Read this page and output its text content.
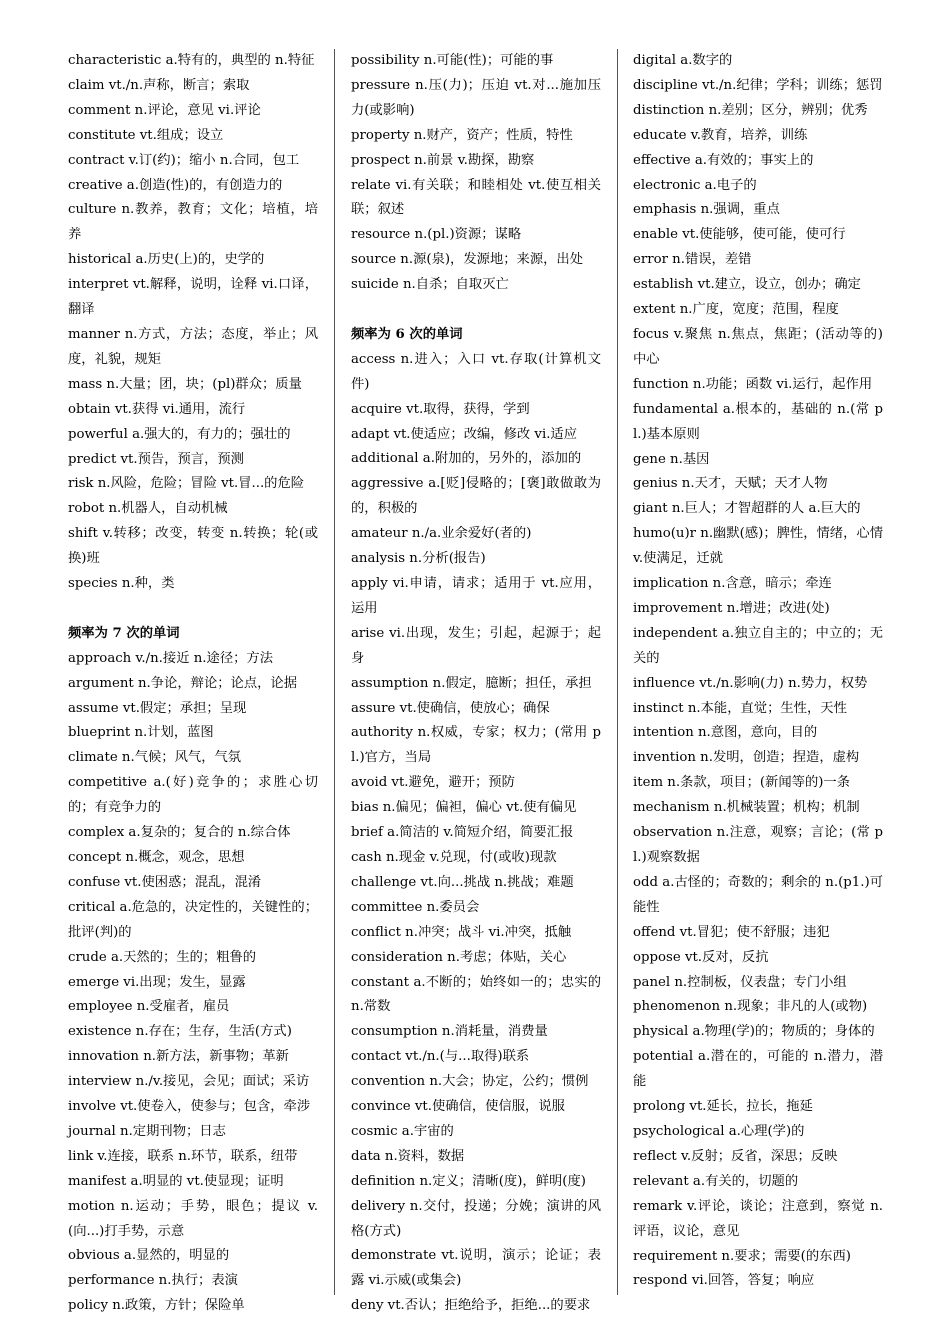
characteristic a.特有的，典型的 n.特征
claim vt./n.声称，断言；索取
comment n.评论，意见 vi.评论
constitute vt.组成；设立
contract v.订(约)；缩小 n.合同，包工
creative a.创造(性)的，有创造力的
culture n.教养，教育；文化；培植，培养
historical a.历史(上)的，史学的
interpret vt.解释，说明，诠释 vi.口译，翻译
manner n.方式，方法；态度，举止；风度，礼貌，规矩
mass n.大量；团，块；(pl)群众；质量
obtain vt.获得 vi.通用，流行
powerful a.强大的，有力的；强壮的
predict vt.预告，预言，预测
risk n.风险，危险；冒险 vt.冒...的危险
robot n.机器人，自动机械
shift v.转移；改变，转变 n.转换；轮(或换)班
species n.种，类
频率为 7 次的单词
approach v./n.接近 n.途径；方法
argument n.争论，辩论；论点，论据
assume vt.假定；承担；呈现
blueprint n.计划，蓝图
climate n.气候；风气，气氛
competitive a.(好)竞争的；求胜心切的；有竞争力的
complex a.复杂的；复合的 n.综合体
concept n.概念，观念，思想
confuse vt.使困惑；混乱，混淆
critical a.危急的，决定性的，关键性的；批评(判)的
crude a.天然的；生的；粗鲁的
emerge vi.出现；发生，显露
employee n.受雇者，雇员
existence n.存在；生存，生活(方式)
innovation n.新方法，新事物；革新
interview n./v.接见，会见；面试；采访
involve vt.使卷入，使参与；包含，牵涉
journal n.定期刊物；日志
link v.连接，联系 n.环节，联系，纽带
manifest a.明显的 vt.使显现；证明
motion n.运动；手势，眼色；提议 v.(向...)打手势，示意
obvious a.显然的，明显的
performance n.执行；表演
policy n.政策，方针；保险单
possibility n.可能(性)；可能的事
pressure n.压(力)；压迫 vt.对...施加压力(或影响)
property n.财产，资产；性质，特性
prospect n.前景 v.勘探，勘察
relate vi.有关联；和睦相处 vt.使互相关联；叙述
resource n.(pl.)资源；谋略
source n.源(泉)，发源地；来源，出处
suicide n.自杀；自取灭亡
频率为 6 次的单词
access n.进入；入口 vt.存取(计算机文件)
acquire vt.取得，获得，学到
adapt vt.使适应；改编，修改 vi.适应
additional a.附加的，另外的，添加的
aggressive a.[贬]侵略的；[褒]敢做敢为的，积极的
amateur n./a.业余爱好(者的)
analysis n.分析(报告)
apply vi.申请，请求；适用于 vt.应用，运用
arise vi.出现，发生；引起，起源于；起身
assumption n.假定，臆断；担任，承担
assure vt.使确信，使放心；确保
authority n.权威，专家；权力；(常用 pl.)官方，当局
avoid vt.避免，避开；预防
bias n.偏见；偏袒，偏心 vt.使有偏见
brief a.简洁的 v.简短介绍，简要汇报
cash n.现金 v.兑现，付(或收)现款
challenge vt.向...挑战 n.挑战；难题
committee n.委员会
conflict n.冲突；战斗 vi.冲突，抵触
consideration n.考虑；体贴，关心
constant a.不断的；始终如一的；忠实的 n.常数
consumption n.消耗量，消费量
contact vt./n.(与...取得)联系
convention n.大会；协定，公约；惯例
convince vt.使确信，使信服，说服
cosmic a.宇宙的
data n.资料，数据
definition n.定义；清晰(度)，鲜明(度)
delivery n.交付，投递；分娩；演讲的风格(方式)
demonstrate vt.说明，演示；论证；表露 vi.示威(或集会)
deny vt.否认；拒绝给予，拒绝...的要求
digital a.数字的
discipline vt./n.纪律；学科；训练；惩罚
distinction n.差别；区分，辨别；优秀
educate v.教育，培养，训练
effective a.有效的；事实上的
electronic a.电子的
emphasis n.强调，重点
enable vt.使能够，使可能，使可行
error n.错误，差错
establish vt.建立，设立，创办；确定
extent n.广度，宽度；范围，程度
focus v.聚焦 n.焦点，焦距；(活动等的)中心
function n.功能；函数 vi.运行，起作用
fundamental a.根本的，基础的 n.(常 pl.)基本原则
gene n.基因
genius n.天才，天赋；天才人物
giant n.巨人；才智超群的人 a.巨大的
humo(u)r n.幽默(感)；脾性，情绪，心情 v.使满足，迁就
implication n.含意，暗示；牵连
improvement n.增进；改进(处)
independent a.独立自主的；中立的；无关的
influence vt./n.影响(力) n.势力，权势
instinct n.本能，直觉；生性，天性
intention n.意图，意向，目的
invention n.发明，创造；捏造，虚构
item n.条款，项目；(新闻等的)一条
mechanism n.机械装置；机构；机制
observation n.注意，观察；言论；(常 pl.)观察数据
odd a.古怪的；奇数的；剩余的 n.(p1.)可能性
offend vt.冒犯；使不舒服；违犯
oppose vt.反对，反抗
panel n.控制板，仪表盘；专门小组
phenomenon n.现象；非凡的人(或物)
physical a.物理(学)的；物质的；身体的
potential a.潜在的，可能的 n.潜力，潜能
prolong vt.延长，拉长，拖延
psychological a.心理(学)的
reflect v.反射；反省，深思；反映
relevant a.有关的，切题的
remark v.评论，谈论；注意到，察觉 n.评语，议论，意见
requirement n.要求；需要(的东西)
respond vi.回答，答复；响应
